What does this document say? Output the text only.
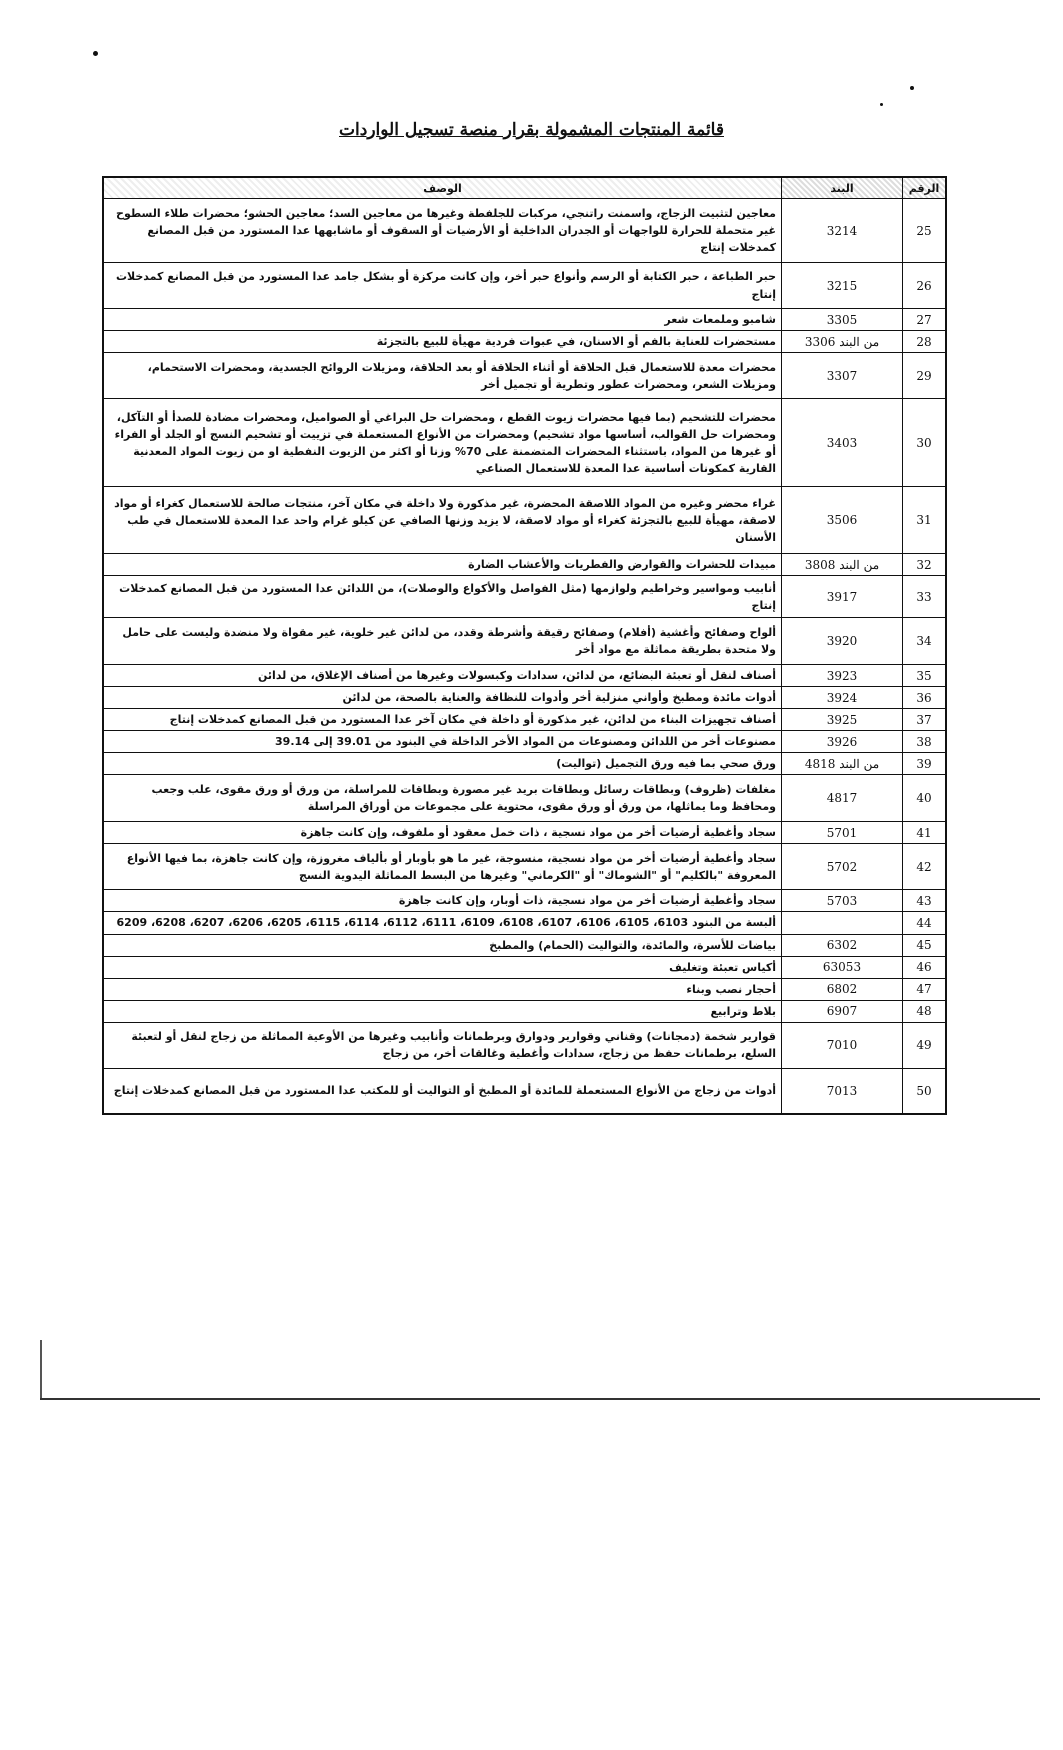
قائمة المنتجات المشمولة بقرار منصة تسجيل الواردات
الرقم	البند	الوصف
25	3214	معاجين لتثبيت الزجاج، واسمنت راتنجي، مركبات للجلفطة وغيرها من معاجين السد؛ معاجين الحشو؛ محضرات طلاء السطوح غير متحملة للحرارة للواجهات أو الجدران الداخلية أو الأرضيات أو السقوف أو ماشابهها عدا المستورد من قبل المصانع كمدخلات إنتاج
26	3215	حبر الطباعة ، حبر الكتابة أو الرسم وأنواع حبر أخر، وإن كانت مركزة أو بشكل جامد عدا المستورد من قبل المصانع كمدخلات إنتاج
27	3305	شامبو وملمعات شعر
28	من البند 3306	مستحضرات للعناية بالفم أو الاسنان، في عبوات فردية مهيأة للبيع بالتجزئة
29	3307	محضرات معدة للاستعمال قبل الحلاقة أو أثناء الحلاقة أو بعد الحلاقة، ومزيلات الروائح الجسدية، ومحضرات الاستحمام، ومزيلات الشعر، ومحضرات عطور وتطرية أو تجميل أخر
30	3403	محضرات للتشحيم (بما فيها محضرات زيوت القطع ، ومحضرات حل البراغي أو الصواميل، ومحضرات مضادة للصدأ أو التآكل، ومحضرات حل القوالب، أساسها مواد تشحيم) ومحضرات من الأنواع المستعملة في تزييت أو تشحيم النسج أو الجلد أو الفراء أو غيرها من المواد، باستثناء المحضرات المتضمنة على 70% وزنا أو اكثر من الزيوت النفطية او من زيوت المواد المعدنية القارية كمكونات أساسية عدا المعدة للاستعمال الصناعي
31	3506	غراء محضر وغيره من المواد اللاصقة المحضرة، غير مذكورة ولا داخلة في مكان آخر، منتجات صالحة للاستعمال كغراء أو مواد لاصقة، مهيأة للبيع بالتجزئة كغراء أو مواد لاصقة، لا يزيد وزنها الصافي عن كيلو غرام واحد عدا المعدة للاستعمال في طب الأسنان
32	من البند 3808	مبيدات للحشرات والقوارض والفطريات والأعشاب الضارة
33	3917	أنابيب ومواسير وخراطيم ولوازمها (مثل الفواصل والأكواع والوصلات)، من اللدائن عدا المستورد من قبل المصانع كمدخلات إنتاج
34	3920	ألواح وصفائح وأغشية (أفلام) وصفائح رقيقة وأشرطة وقدد، من لدائن غير خلوية، غير مقواة ولا منضدة وليست على حامل ولا متحدة بطريقة مماثلة مع مواد أخر
35	3923	أصناف لنقل أو تعبئة البضائع، من لدائن، سدادات وكبسولات وغيرها من أصناف الإغلاق، من لدائن
36	3924	أدوات مائدة ومطبخ وأواني منزلية أخر وأدوات للنظافة والعناية بالصحة، من لدائن
37	3925	أصناف تجهيزات البناء من لدائن، غير مذكورة أو داخلة في مكان آخر عدا المستورد من قبل المصانع كمدخلات إنتاج
38	3926	مصنوعات أخر من اللدائن ومصنوعات من المواد الأخر الداخلة في البنود من 39.01 إلى 39.14
39	من البند 4818	ورق صحي بما فيه ورق التجميل (تواليت)
40	4817	مغلفات (ظروف) وبطاقات رسائل وبطاقات بريد غير مصورة وبطاقات للمراسلة، من ورق أو ورق مقوى، علب وجعب ومحافظ وما يماثلها، من ورق أو ورق مقوى، محتوية على مجموعات من أوراق المراسلة
41	5701	سجاد وأغطية أرضيات أخر من مواد نسجية ، ذات خمل معقود أو ملفوف، وإن كانت جاهزة
42	5702	سجاد وأغطية أرضيات أخر من مواد نسجية، منسوجة، غير ما هو بأوبار أو بألياف مغروزة، وإن كانت جاهزة، بما فيها الأنواع المعروفة "بالكليم" أو "الشوماك" أو "الكرماني" وغيرها من البسط المماثلة اليدوية النسج
43	5703	سجاد وأغطية أرضيات أخر من مواد نسجية، ذات أوبار، وإن كانت جاهزة
44		ألبسة من البنود 6103، 6105، 6106، 6107، 6108، 6109، 6111، 6112، 6114، 6115، 6205، 6206، 6207، 6208، 6209
45	6302	بياضات للأسرة، والمائدة، والتواليت (الحمام) والمطبخ
46	63053	أكياس تعبئة وتغليف
47	6802	أحجار نصب وبناء
48	6907	بلاط وترابيع
49	7010	قوارير شخمة (دمجانات) وقناني وقوارير ودوارق وبرطمانات وأنابيب وغيرها من الأوعية المماثلة من زجاج لنقل أو لتعبئة السلع، برطمانات حفظ من زجاج، سدادات وأغطية وغالقات أخر، من زجاج
50	7013	أدوات من زجاج من الأنواع المستعملة للمائدة أو المطبخ أو التواليت أو للمكتب عدا المستورد من قبل المصانع كمدخلات إنتاج
